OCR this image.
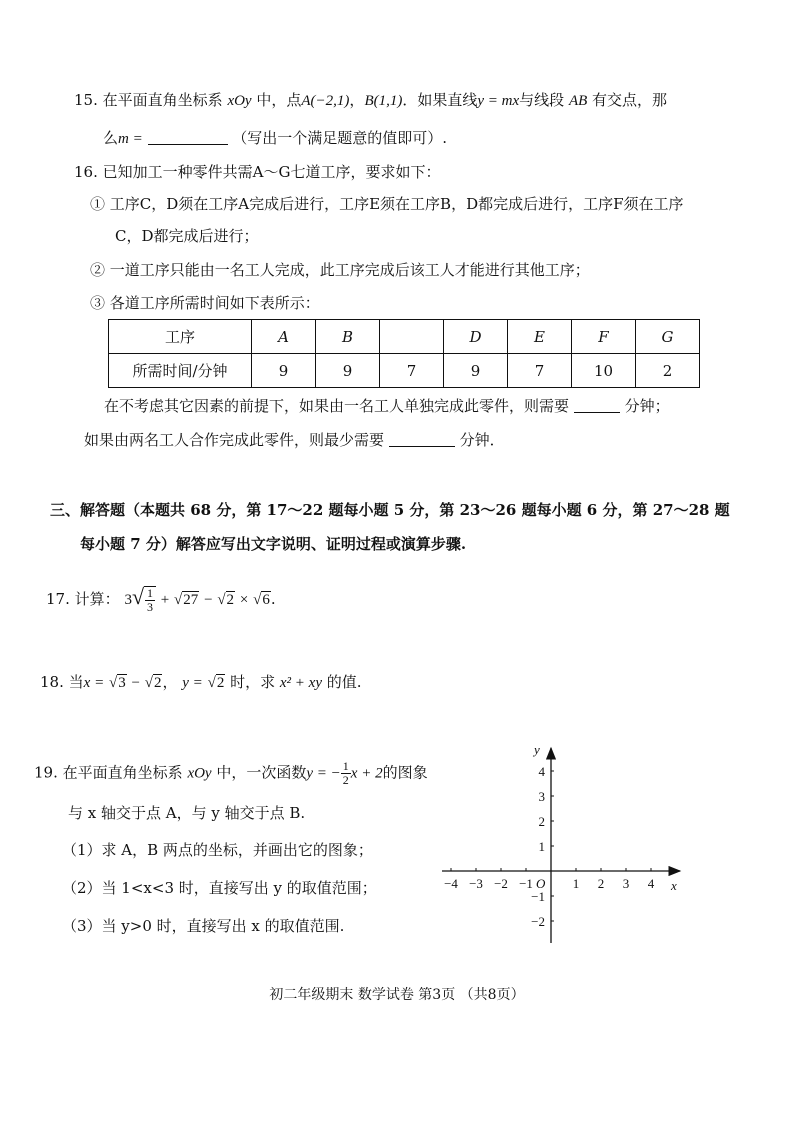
15. 在平面直角坐标系 xOy 中，点A(−2,1)，B(1,1)．如果直线y = mx与线段 AB 有交点，那
么m =	（写出一个满足题意的值即可）.
16. 已知加工一种零件共需A～G七道工序，要求如下：
① 工序C，D须在工序A完成后进行，工序E须在工序B，D都完成后进行，工序F须在工序
C，D都完成后进行；
② 一道工序只能由一名工人完成，此工序完成后该工人才能进行其他工序；
③ 各道工序所需时间如下表所示：
工序	A	B		D	E	F	G
所需时间/分钟	9	9	7	9	7	10	2
在不考虑其它因素的前提下，如果由一名工人单独完成此零件，则需要	分钟；
如果由两名工人合作完成此零件，则最少需要	分钟．
三、解答题（本题共 68 分，第 17～22 题每小题 5 分，第 23～26 题每小题 6 分，第 27～28 题
每小题 7 分）解答应写出文字说明、证明过程或演算步骤.
17. 计算： $3√ \frac{1}{3} + √27 - √2 \times √6$.
18. 当x = √3 − √2， y = √2 时，求 x² + xy 的值.
19. 在平面直角坐标系 xOy 中，一次函数y = − $\frac{1}{2}$ x + 2的图象
与 x 轴交于点 A，与 y 轴交于点 B.
（1）求 A，B 两点的坐标，并画出它的图象；
（2）当 1<x<3 时，直接写出 y 的取值范围；
（3）当 y>0 时，直接写出 x 的取值范围.
−4 −3 −2 −1	1 2 3 4
4
3
2
1
−1
−2
x
y
O
初二年级期末 数学试卷 第3页 （共8页）
